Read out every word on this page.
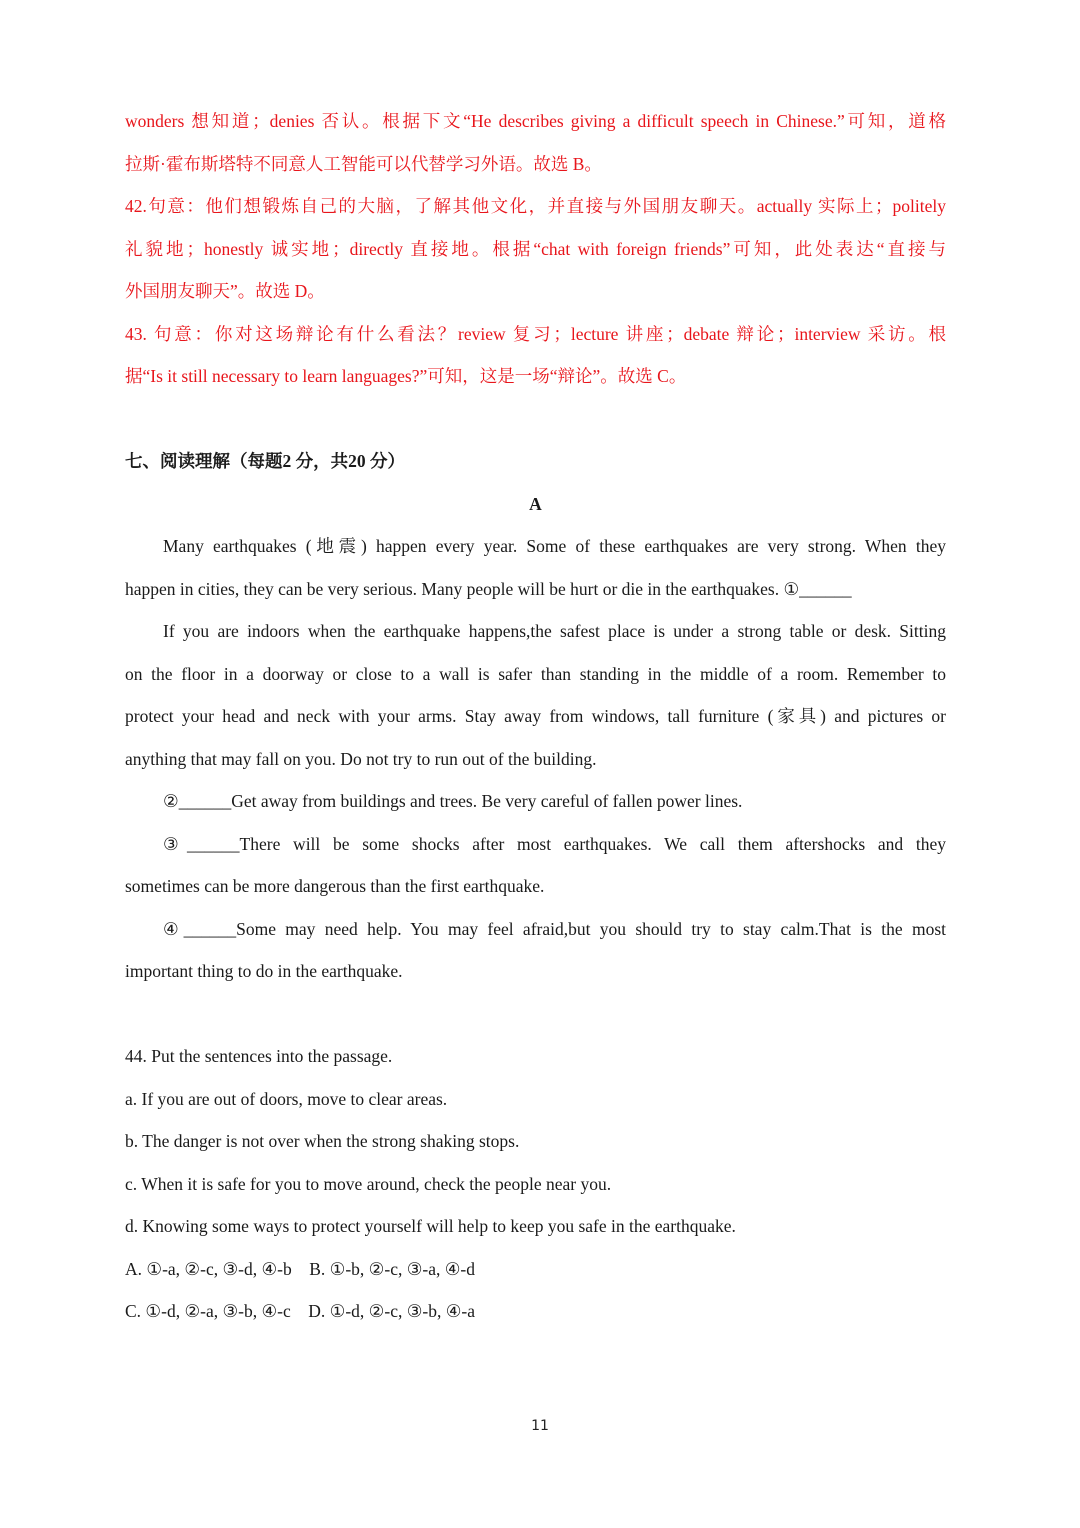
wonders 想知道；denies 否认。根据下文“He describes giving a difficult speech in Chinese.”可知，道格
拉斯·霍布斯塔特不同意人工智能可以代替学习外语。故选 B。
42.句意：他们想锻炼自己的大脑，了解其他文化，并直接与外国朋友聊天。actually 实际上；politely
礼貌地；honestly 诚实地；directly 直接地。根据“chat with foreign friends”可知，此处表达“直接与
外国朋友聊天”。故选 D。
43. 句意：你对这场辩论有什么看法？review 复习；lecture 讲座；debate 辩论；interview 采访。根
据“Is it still necessary to learn languages?”可知，这是一场“辩论”。故选 C。
七、阅读理解（每题2 分，共20 分）
A
Many earthquakes (地震) happen every year. Some of these earthquakes are very strong. When they
happen in cities, they can be very serious. Many people will be hurt or die in the earthquakes. ①______
If you are indoors when the earthquake happens,the safest place is under a strong table or desk. Sitting
on the floor in a doorway or close to a wall is safer than standing in the middle of a room. Remember to
protect your head and neck with your arms. Stay away from windows, tall furniture (家具) and pictures or
anything that may fall on you. Do not try to run out of the building.
②______Get away from buildings and trees. Be very careful of fallen power lines.
③______There will be some shocks after most earthquakes. We call them aftershocks and they
sometimes can be more dangerous than the first earthquake.
④______Some may need help. You may feel afraid,but you should try to stay calm.That is the most
important thing to do in the earthquake.
44. Put the sentences into the passage.
a. If you are out of doors, move to clear areas.
b. The danger is not over when the strong shaking stops.
c. When it is safe for you to move around, check the people near you.
d. Knowing some ways to protect yourself will help to keep you safe in the earthquake.
A. ①-a, ②-c, ③-d, ④-b    B. ①-b, ②-c, ③-a, ④-d
C. ①-d, ②-a, ③-b, ④-c    D. ①-d, ②-c, ③-b, ④-a
11
